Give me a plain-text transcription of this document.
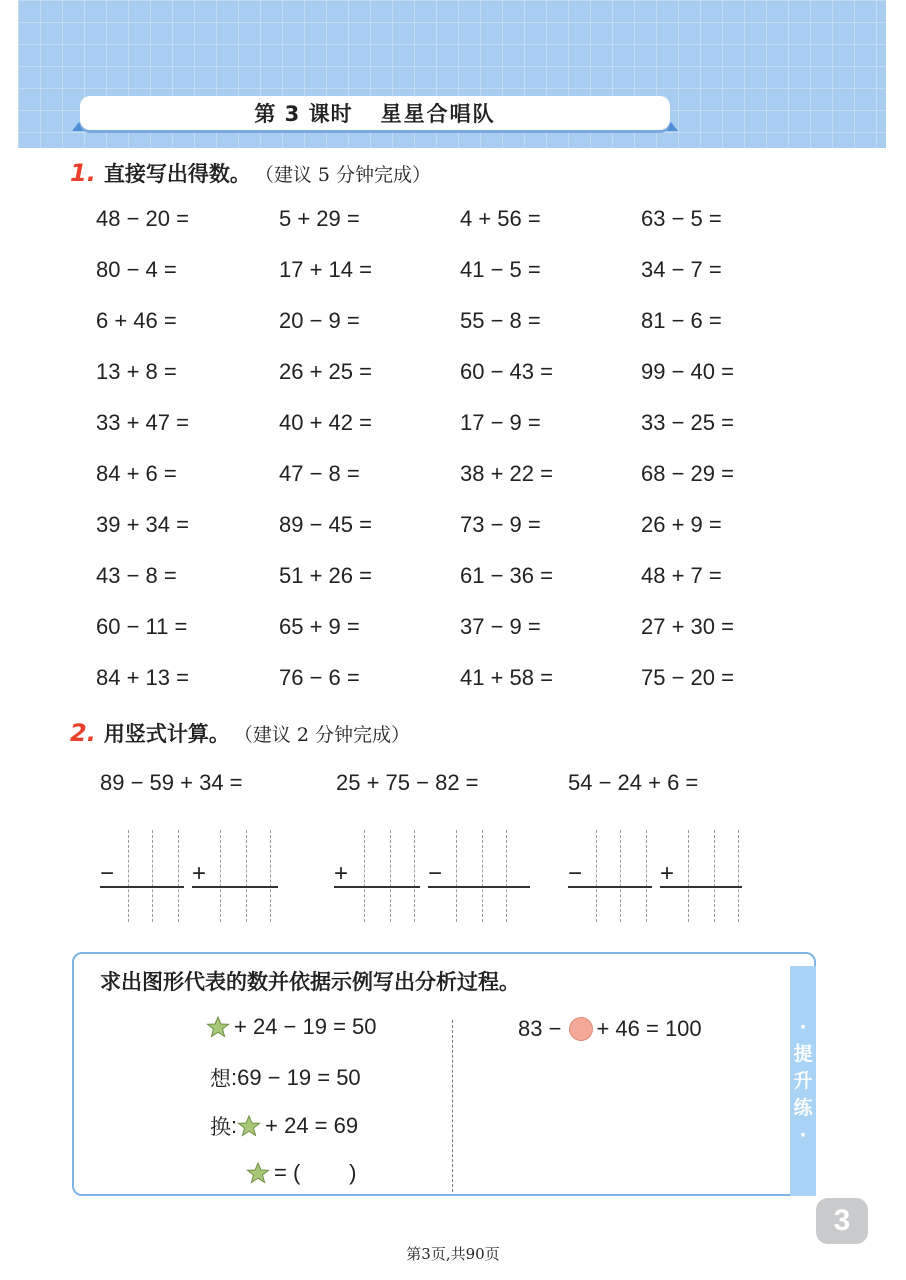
第 3 课时 星星合唱队
1. 直接写出得数。 （建议 5 分钟完成）
48 − 20 =	5 + 29 =	4 + 56 =	63 − 5 =
80 − 4 =	17 + 14 =	41 − 5 =	34 − 7 =
6 + 46 =	20 − 9 =	55 − 8 =	81 − 6 =
13 + 8 =	26 + 25 =	60 − 43 =	99 − 40 =
33 + 47 =	40 + 42 =	17 − 9 =	33 − 25 =
84 + 6 =	47 − 8 =	38 + 22 =	68 − 29 =
39 + 34 =	89 − 45 =	73 − 9 =	26 + 9 =
43 − 8 =	51 + 26 =	61 − 36 =	48 + 7 =
60 − 11 =	65 + 9 =	37 − 9 =	27 + 30 =
84 + 13 =	76 − 6 =	41 + 58 =	75 − 20 =
2. 用竖式计算。 （建议 2 分钟完成）
89 − 59 + 34 =	25 + 75 − 82 =	54 − 24 + 6 =
−	+	+	−	−	+
求出图形代表的数并依据示例写出分析过程。
+ 24 − 19 = 50
想 :69 − 19 = 50
换 : + 24 = 69
= (        )
83 − + 46 = 100	·
提
升
练
·
3
第3页,共90页
